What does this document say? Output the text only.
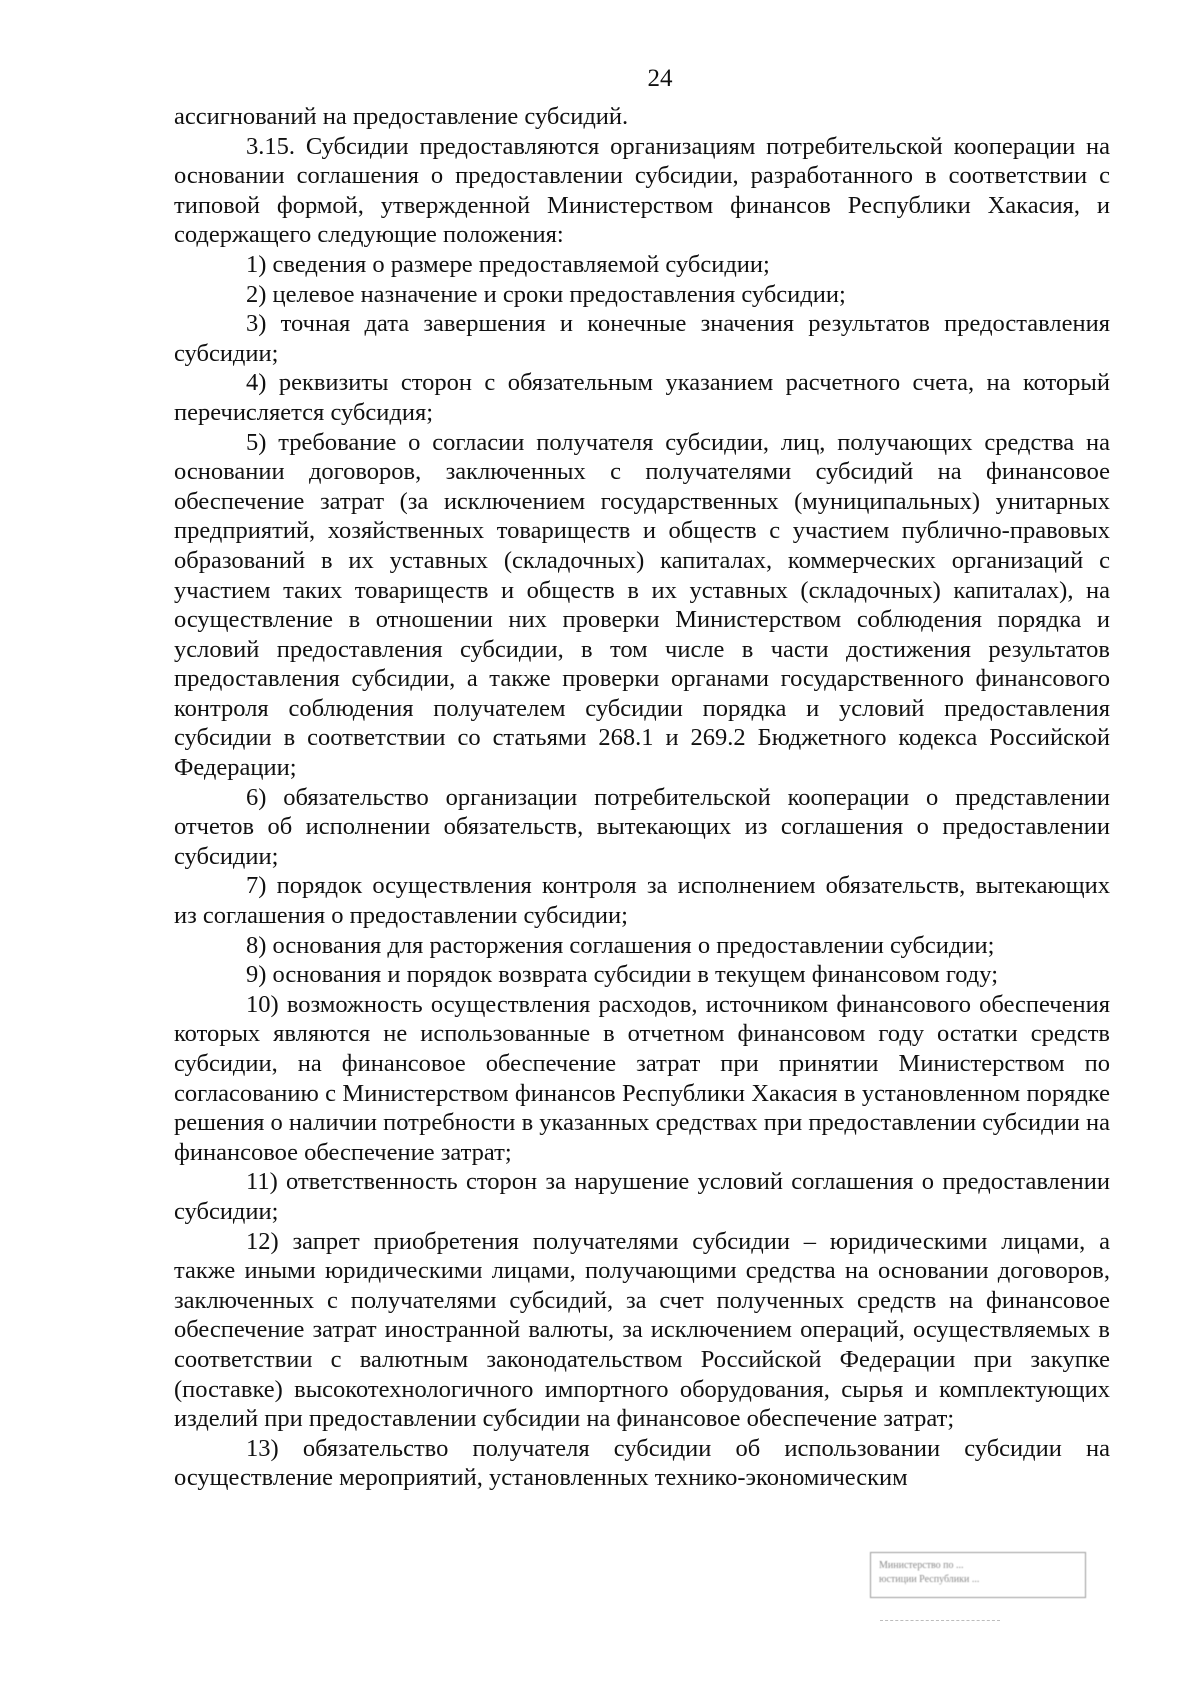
24

ассигнований на предоставление субсидий.

3.15. Субсидии предоставляются организациям потребительской кооперации на основании соглашения о предоставлении субсидии, разработанного в соответствии с типовой формой, утвержденной Министерством финансов Республики Хакасия, и содержащего следующие положения:

1) сведения о размере предоставляемой субсидии;

2) целевое назначение и сроки предоставления субсидии;

3) точная дата завершения и конечные значения результатов предоставления субсидии;

4) реквизиты сторон с обязательным указанием расчетного счета, на который перечисляется субсидия;

5) требование о согласии получателя субсидии, лиц, получающих средства на основании договоров, заключенных с получателями субсидий на финансовое обеспечение затрат (за исключением государственных (муниципальных) унитарных предприятий, хозяйственных товариществ и обществ с участием публично-правовых образований в их уставных (складочных) капиталах, коммерческих организаций с участием таких товариществ и обществ в их уставных (складочных) капиталах), на осуществление в отношении них проверки Министерством соблюдения порядка и условий предоставления субсидии, в том числе в части достижения результатов предоставления субсидии, а также проверки органами государственного финансового контроля соблюдения получателем субсидии порядка и условий предоставления субсидии в соответствии со статьями 268.1 и 269.2 Бюджетного кодекса Российской Федерации;

6) обязательство организации потребительской кооперации о представлении отчетов об исполнении обязательств, вытекающих из соглашения о предоставлении субсидии;

7) порядок осуществления контроля за исполнением обязательств, вытекающих из соглашения о предоставлении субсидии;

8) основания для расторжения соглашения о предоставлении субсидии;

9) основания и порядок возврата субсидии в текущем финансовом году;

10) возможность осуществления расходов, источником финансового обеспечения которых являются не использованные в отчетном финансовом году остатки средств субсидии, на финансовое обеспечение затрат при принятии Министерством по согласованию с Министерством финансов Республики Хакасия в установленном порядке решения о наличии потребности в указанных средствах при предоставлении субсидии на финансовое обеспечение затрат;

11) ответственность сторон за нарушение условий соглашения о предоставлении субсидии;

12) запрет приобретения получателями субсидии – юридическими лицами, а также иными юридическими лицами, получающими средства на основании договоров, заключенных с получателями субсидий, за счет полученных средств на финансовое обеспечение затрат иностранной валюты, за исключением операций, осуществляемых в соответствии с валютным законодательством Российской Федерации при закупке (поставке) высокотехнологичного импортного оборудования, сырья и комплектующих изделий при предоставлении субсидии на финансовое обеспечение затрат;

13) обязательство получателя субсидии об использовании субсидии на осуществление мероприятий, установленных технико-экономическим

Министерство по ...
юстиции Республики ...
